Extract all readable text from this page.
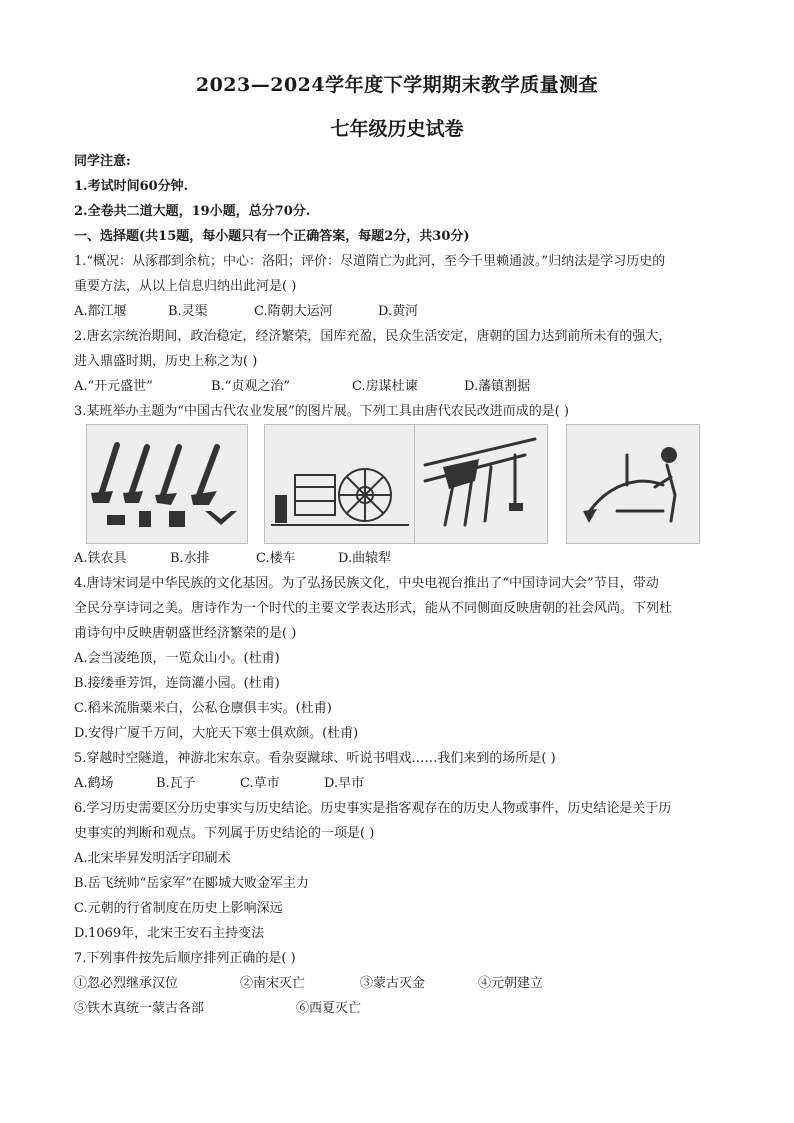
2023—2024学年度下学期期末教学质量测查
七年级历史试卷
同学注意:
1.考试时间60分钟.
2.全卷共二道大题，19小题，总分70分.
一、选择题(共15题，每小题只有一个正确答案，每题2分，共30分)
1.“概况：从涿郡到余杭；中心：洛阳；评价：尽道隋亡为此河，至今千里赖通波。”归纳法是学习历史的
重要方法，从以上信息归纳出此河是( )
A.都江堰	B.灵渠	C.隋朝大运河	D.黄河
2.唐玄宗统治期间，政治稳定，经济繁荣，国库充盈，民众生活安定，唐朝的国力达到前所未有的强大，
进入鼎盛时期，历史上称之为( )
A.“开元盛世”	B.“贞观之治”	C.房谋杜谏	D.藩镇割据
3.某班举办主题为“中国古代农业发展”的图片展。下列工具由唐代农民改进而成的是( )
A.铁农具	B.水排	C.楼车	D.曲辕犁
4.唐诗宋词是中华民族的文化基因。为了弘扬民族文化，中央电视台推出了“中国诗词大会”节目，带动
全民分享诗词之美。唐诗作为一个时代的主要文学表达形式，能从不同侧面反映唐朝的社会风尚。下列杜
甫诗句中反映唐朝盛世经济繁荣的是( )
A.会当凌绝顶，一览众山小。(杜甫)
B.接缕垂芳饵，连筒灌小园。(杜甫)
C.稻米流脂粟米白，公私仓廪俱丰实。(杜甫)
D.安得广厦千万间，大庇天下寒士俱欢颜。(杜甫)
5.穿越时空隧道，神游北宋东京。看杂耍蹴球、听说书唱戏……我们来到的场所是( )
A.鹤场	B.瓦子	C.草市	D.早市
6.学习历史需要区分历史事实与历史结论。历史事实是指客观存在的历史人物或事件，历史结论是关于历
史事实的判断和观点。下列属于历史结论的一项是( )
A.北宋毕昇发明活字印刷术
B.岳飞统帅“岳家军”在郾城大败金军主力
C.元朝的行省制度在历史上影响深远
D.1069年，北宋王安石主持变法
7.下列事件按先后顺序排列正确的是( )
①忽必烈继承汉位	②南宋灭亡	③蒙古灭金	④元朝建立
⑤铁木真统一蒙古各部	⑥西夏灭亡
